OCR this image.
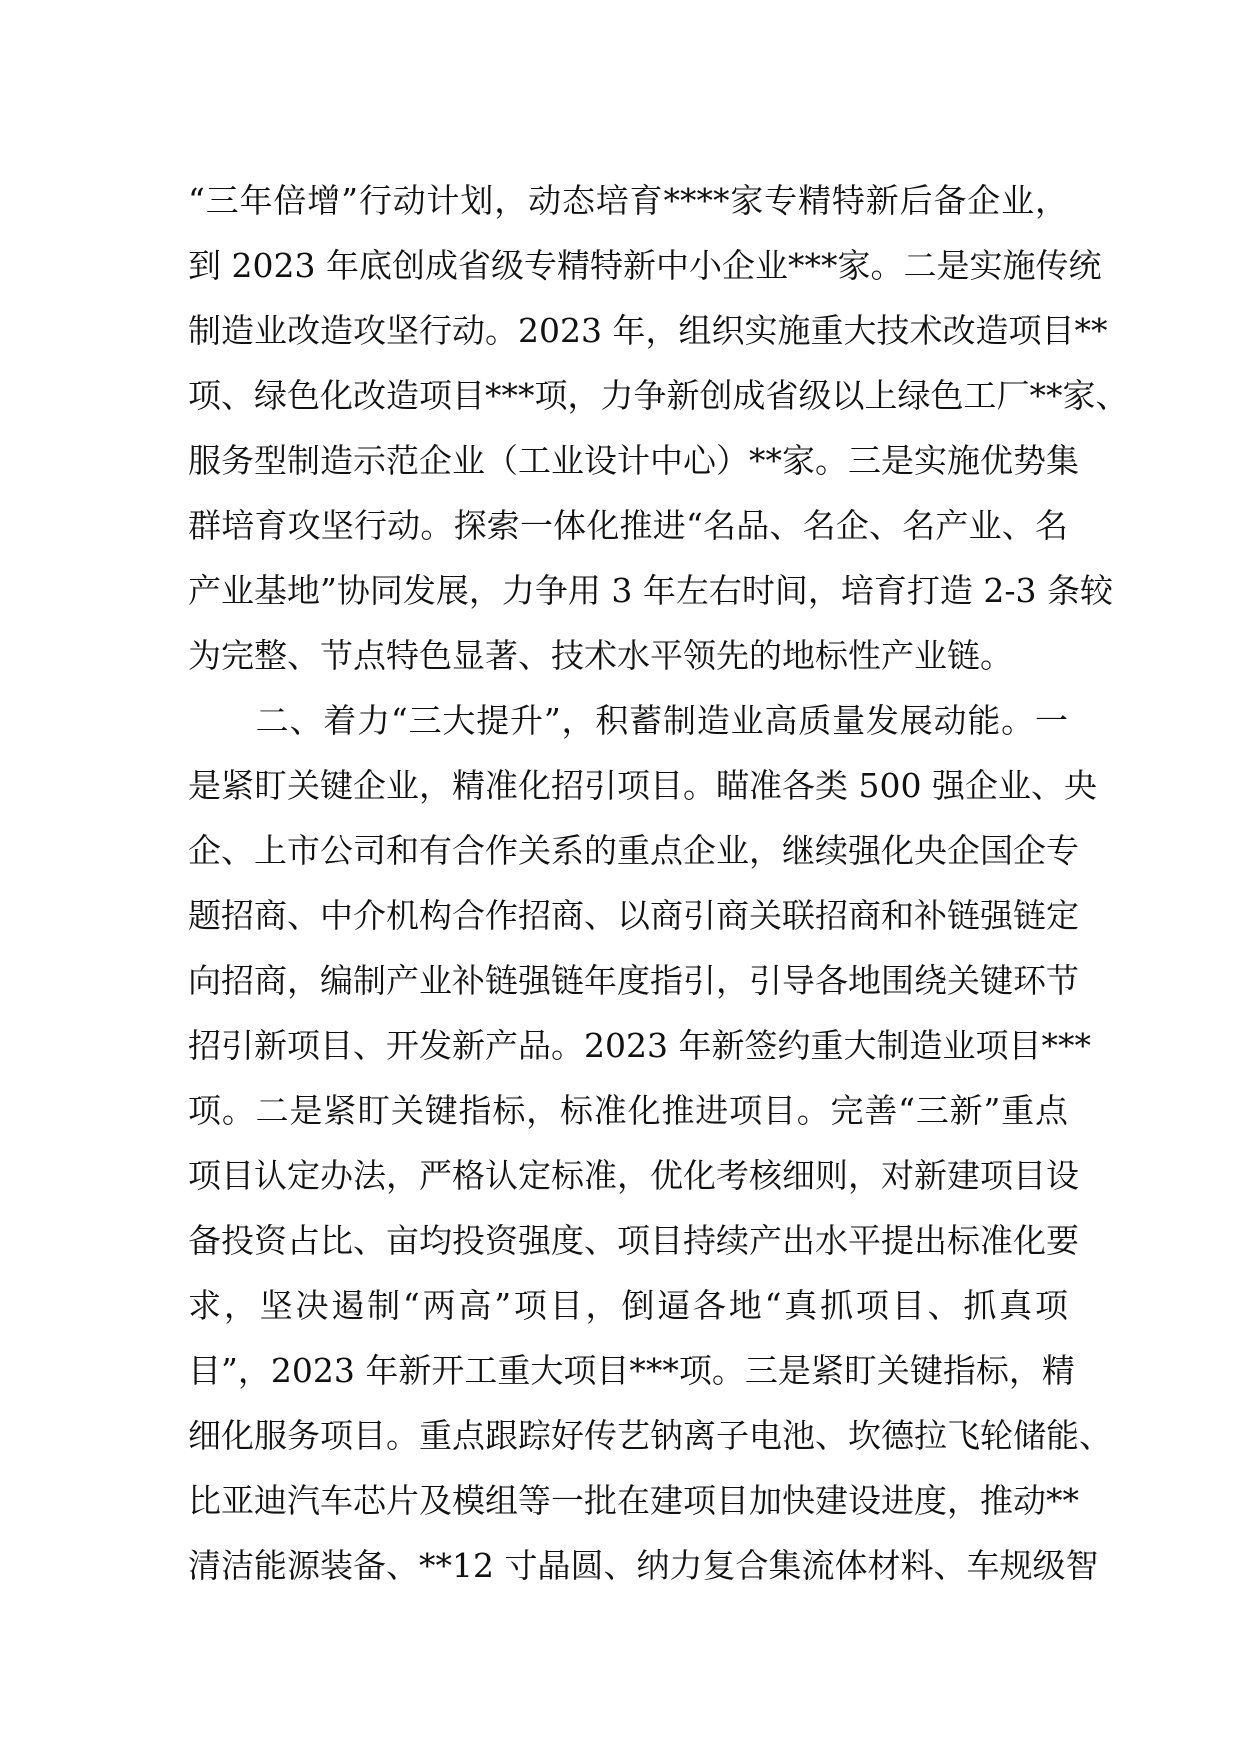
“三年倍增”行动计划，动态培育****家专精特新后备企业，
到 2023 年底创成省级专精特新中小企业***家。二是实施传统
制造业改造攻坚行动。2023 年，组织实施重大技术改造项目**
项、绿色化改造项目***项，力争新创成省级以上绿色工厂**家、
服务型制造示范企业（工业设计中心）**家。三是实施优势集
群培育攻坚行动。探索一体化推进“名品、名企、名产业、名
产业基地”协同发展，力争用 3 年左右时间，培育打造 2-3 条较
为完整、节点特色显著、技术水平领先的地标性产业链。
　　二、着力“三大提升”，积蓄制造业高质量发展动能。一
是紧盯关键企业，精准化招引项目。瞄准各类 500 强企业、央
企、上市公司和有合作关系的重点企业，继续强化央企国企专
题招商、中介机构合作招商、以商引商关联招商和补链强链定
向招商，编制产业补链强链年度指引，引导各地围绕关键环节
招引新项目、开发新产品。2023 年新签约重大制造业项目***
项。二是紧盯关键指标，标准化推进项目。完善“三新”重点
项目认定办法，严格认定标准，优化考核细则，对新建项目设
备投资占比、亩均投资强度、项目持续产出水平提出标准化要
求，坚决遏制“两高”项目，倒逼各地“真抓项目、抓真项
目”，2023 年新开工重大项目***项。三是紧盯关键指标，精
细化服务项目。重点跟踪好传艺钠离子电池、坎德拉飞轮储能、
比亚迪汽车芯片及模组等一批在建项目加快建设进度，推动**
清洁能源装备、**12 寸晶圆、纳力复合集流体材料、车规级智
